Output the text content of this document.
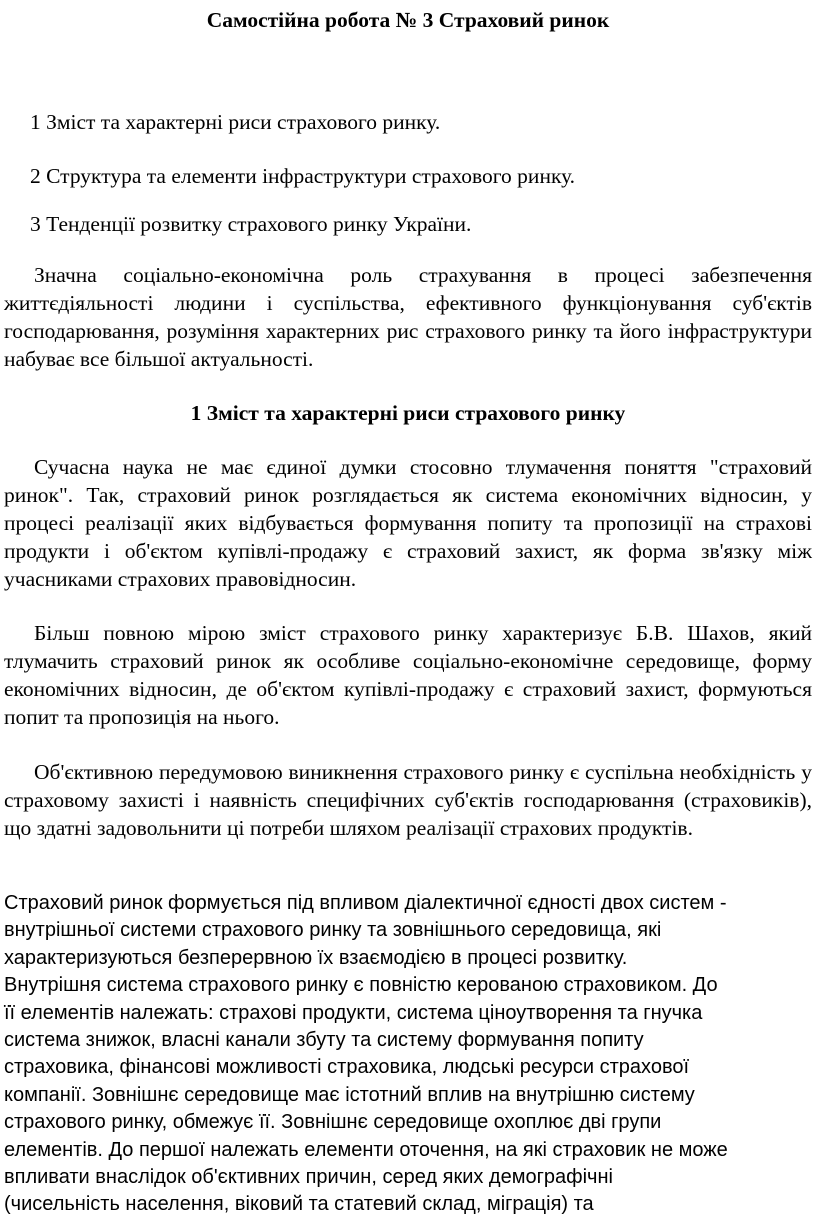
Самостійна робота № 3 Страховий ринок

1 Зміст та характерні риси страхового ринку.

2 Структура та елементи інфраструктури страхового ринку.

3 Тенденції розвитку страхового ринку України.

Значна соціально-економічна роль страхування в процесі забезпечення життєдіяльності людини і суспільства, ефективного функціонування суб'єктів господарювання, розуміння характерних рис страхового ринку та його інфраструктури набуває все більшої актуальності.

1 Зміст та характерні риси страхового ринку

Сучасна наука не має єдиної думки стосовно тлумачення поняття "страховий ринок". Так, страховий ринок розглядається як система економічних відносин, у процесі реалізації яких відбувається формування попиту та пропозиції на страхові продукти і об'єктом купівлі-продажу є страховий захист, як форма зв'язку між учасниками страхових правовідносин.

Більш повною мірою зміст страхового ринку характеризує Б.В. Шахов, який тлумачить страховий ринок як особливе соціально-економічне середовище, форму економічних відносин, де об'єктом купівлі-продажу є страховий захист, формуються попит та пропозиція на нього.

Об'єктивною передумовою виникнення страхового ринку є суспільна необхідність у страховому захисті і наявність специфічних суб'єктів господарювання (страховиків), що здатні задовольнити ці потреби шляхом реалізації страхових продуктів.

Страховий ринок формується під впливом діалектичної єдності двох систем -
внутрішньої системи страхового ринку та зовнішнього середовища, які
характеризуються безперервною їх взаємодією в процесі розвитку.
Внутрішня система страхового ринку є повністю керованою страховиком. До
її елементів належать: страхові продукти, система ціноутворення та гнучка
система знижок, власні канали збуту та систему формування попиту
страховика, фінансові можливості страховика, людські ресурси страхової
компанії. Зовнішнє середовище має істотний вплив на внутрішню систему
страхового ринку, обмежує її. Зовнішнє середовище охоплює дві групи
елементів. До першої належать елементи оточення, на які страховик не може
впливати внаслідок об'єктивних причин, серед яких демографічні
(чисельність населення, віковий та статевий склад, міграція) та
